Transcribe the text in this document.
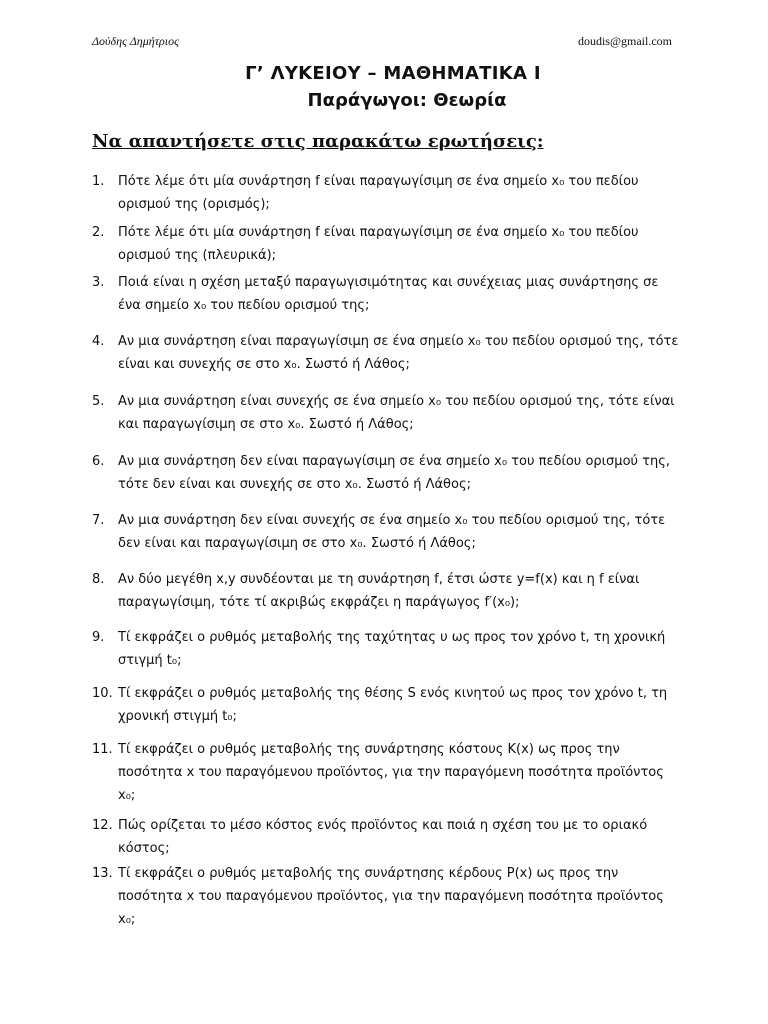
Δούδης Δημήτριος	doudis@gmail.com
Γ’ ΛΥΚΕΙΟΥ – ΜΑΘΗΜΑΤΙΚΑ Ι
Παράγωγοι: Θεωρία
Να απαντήσετε στις παρακάτω ερωτήσεις:
1.	Πότε λέμε ότι μία συνάρτηση f είναι παραγωγίσιμη σε ένα σημείο x₀ του πεδίου ορισμού της (ορισμός);
2.	Πότε λέμε ότι μία συνάρτηση f είναι παραγωγίσιμη σε ένα σημείο x₀ του πεδίου ορισμού της (πλευρικά);
3.	Ποιά είναι η σχέση μεταξύ παραγωγισιμότητας και συνέχειας μιας συνάρτησης σε ένα σημείο x₀ του πεδίου ορισμού της;
4.	Αν μια συνάρτηση είναι παραγωγίσιμη σε ένα σημείο x₀ του πεδίου ορισμού της, τότε είναι και συνεχής σε στο x₀. Σωστό ή Λάθος;
5.	Αν μια συνάρτηση είναι συνεχής σε ένα σημείο x₀ του πεδίου ορισμού της, τότε είναι και παραγωγίσιμη σε στο x₀. Σωστό ή Λάθος;
6.	Αν μια συνάρτηση δεν είναι παραγωγίσιμη σε ένα σημείο x₀ του πεδίου ορισμού της, τότε δεν είναι και συνεχής σε στο x₀. Σωστό ή Λάθος;
7.	Αν μια συνάρτηση δεν είναι συνεχής σε ένα σημείο x₀ του πεδίου ορισμού της, τότε δεν είναι και παραγωγίσιμη σε στο x₀. Σωστό ή Λάθος;
8.	Αν δύο μεγέθη x,y συνδέονται με τη συνάρτηση f, έτσι ώστε y=f(x) και η f είναι παραγωγίσιμη, τότε τί ακριβώς εκφράζει η παράγωγος f′(x₀);
9.	Τί εκφράζει ο ρυθμός μεταβολής της ταχύτητας υ ως προς τον χρόνο t, τη χρονική στιγμή t₀;
10. Τί εκφράζει ο ρυθμός μεταβολής της θέσης S ενός κινητού ως προς τον χρόνο t, τη χρονική στιγμή t₀;
11. Τί εκφράζει ο ρυθμός μεταβολής της συνάρτησης κόστους K(x) ως προς την ποσότητα x του παραγόμενου προϊόντος, για την παραγόμενη ποσότητα προϊόντος x₀;
12. Πώς ορίζεται το μέσο κόστος ενός προϊόντος και ποιά η σχέση του με το οριακό κόστος;
13. Τί εκφράζει ο ρυθμός μεταβολής της συνάρτησης κέρδους P(x) ως προς την ποσότητα x του παραγόμενου προϊόντος, για την παραγόμενη ποσότητα προϊόντος x₀;
